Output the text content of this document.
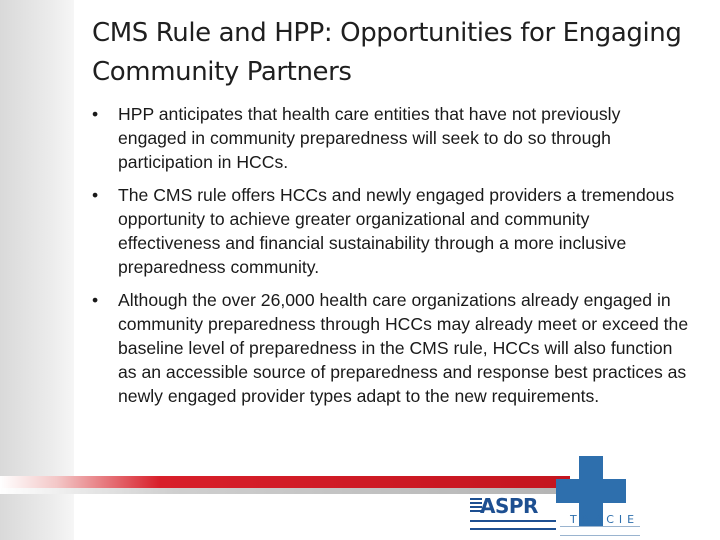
CMS Rule and HPP: Opportunities for Engaging Community Partners
• HPP anticipates that health care entities that have not previously engaged in community preparedness will seek to do so through participation in HCCs.
• The CMS rule offers HCCs and newly engaged providers a tremendous opportunity to achieve greater organizational and community effectiveness and financial sustainability through a more inclusive preparedness community.
• Although the over 26,000 health care organizations already engaged in community preparedness through HCCs may already meet or exceed the baseline level of preparedness in the CMS rule, HCCs will also function as an accessible source of preparedness and response best practices as newly engaged provider types adapt to the new requirements.
ASPR
TRACIE
